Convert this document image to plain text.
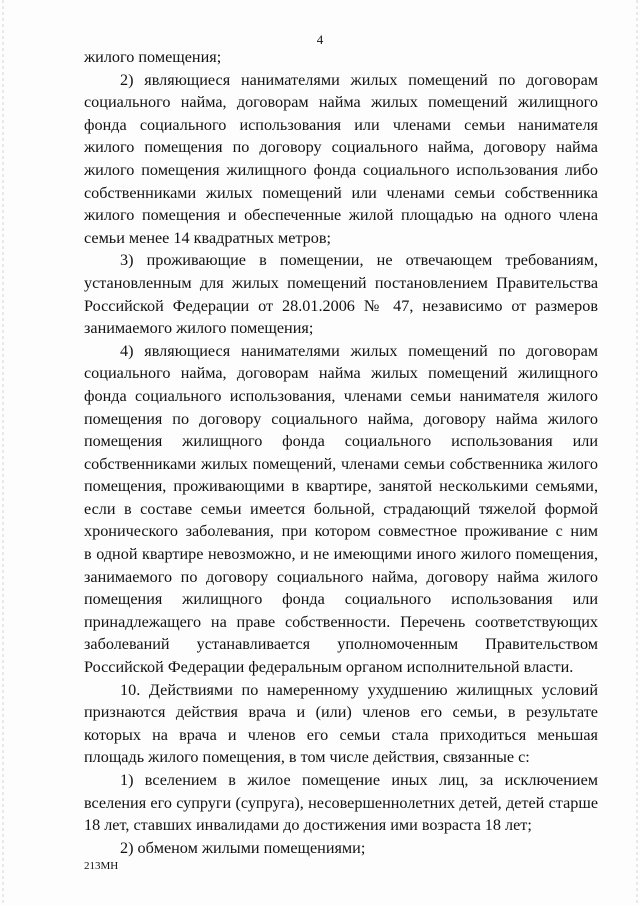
4
жилого помещения;
2) являющиеся нанимателями жилых помещений по договорам
социального найма, договорам найма жилых помещений жилищного
фонда социального использования или членами семьи нанимателя
жилого помещения по договору социального найма, договору найма
жилого помещения жилищного фонда социального использования либо
собственниками жилых помещений или членами семьи собственника
жилого помещения и обеспеченные жилой площадью на одного члена
семьи менее 14 квадратных метров;
3) проживающие в помещении, не отвечающем требованиям,
установленным для жилых помещений постановлением Правительства
Российской Федерации от 28.01.2006 № 47, независимо от размеров
занимаемого жилого помещения;
4) являющиеся нанимателями жилых помещений по договорам
социального найма, договорам найма жилых помещений жилищного
фонда социального использования, членами семьи нанимателя жилого
помещения по договору социального найма, договору найма жилого
помещения жилищного фонда социального использования или
собственниками жилых помещений, членами семьи собственника жилого
помещения, проживающими в квартире, занятой несколькими семьями,
если в составе семьи имеется больной, страдающий тяжелой формой
хронического заболевания, при котором совместное проживание с ним
в одной квартире невозможно, и не имеющими иного жилого помещения,
занимаемого по договору социального найма, договору найма жилого
помещения жилищного фонда социального использования или
принадлежащего на праве собственности. Перечень соответствующих
заболеваний устанавливается уполномоченным Правительством
Российской Федерации федеральным органом исполнительной власти.
10. Действиями по намеренному ухудшению жилищных условий
признаются действия врача и (или) членов его семьи, в результате
которых на врача и членов его семьи стала приходиться меньшая
площадь жилого помещения, в том числе действия, связанные с:
1) вселением в жилое помещение иных лиц, за исключением
вселения его супруги (супруга), несовершеннолетних детей, детей старше
18 лет, ставших инвалидами до достижения ими возраста 18 лет;
2) обменом жилыми помещениями;
213МН
